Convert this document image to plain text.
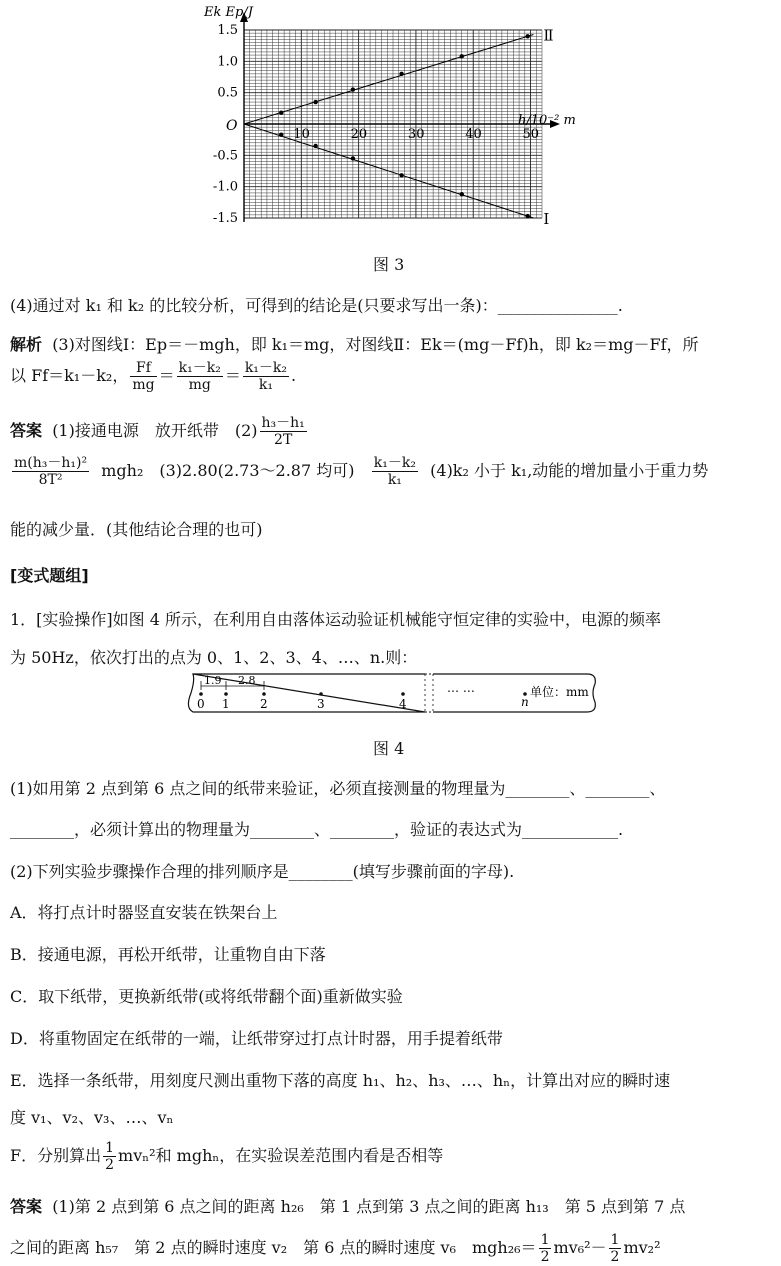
10	20	30	40	50
1.5
1.0
0.5
-0.5
-1.0
-1.5
Ⅱ
Ⅰ
Ek Ep/J
h/10⁻² m
O
图 3
(4)通过对 k₁ 和 k₂ 的比较分析，可得到的结论是(只要求写出一条)：_______________.
解析 (3)对图线Ⅰ：Ep＝－mgh，即 k₁＝mg，对图线Ⅱ：Ek＝(mg－Ff)h，即 k₂＝mg－Ff，所
以 Ff＝k₁－k₂， $\frac{Ff}{mg} = \frac{\text{k₁－k₂}}{mg} = \frac{\text{k₁－k₂}}{\text{k₁}}$ .
答案 (1)接通电源　放开纸带　$(2) \frac{\text{h₃－h₁}}{2T}$
$\frac{\text{m(h₃－h₁)²}}{\text{8T²}} mgh_2$　(3)2.80(2.73～2.87 均可) $\frac{\text{k₁－k₂}}{\text{k₁}} (4)k_2$ 小于 k₁,动能的增加量小于重力势
能的减少量．(其他结论合理的也可)
[变式题组]
1．[实验操作]如图 4 所示，在利用自由落体运动验证机械能守恒定律的实验中，电源的频率
为 50Hz，依次打出的点为 0、1、2、3、4、…、n.则：
1.9 2.8
0 1	2	3	4
… …
n
单位：mm
图 4
(1)如用第 2 点到第 6 点之间的纸带来验证，必须直接测量的物理量为________、________、
________，必须计算出的物理量为________、________，验证的表达式为____________.
(2)下列实验步骤操作合理的排列顺序是________(填写步骤前面的字母).
A．将打点计时器竖直安装在铁架台上
B．接通电源，再松开纸带，让重物自由下落
C．取下纸带，更换新纸带(或将纸带翻个面)重新做实验
D．将重物固定在纸带的一端，让纸带穿过打点计时器，用手提着纸带
E．选择一条纸带，用刻度尺测出重物下落的高度 h₁、h₂、h₃、…、hₙ，计算出对应的瞬时速
度 v₁、v₂、v₃、…、vₙ
F．分别算出 $\frac{1}{2} mv_n^2$和 mghₙ，在实验误差范围内看是否相等
答案 (1)第 2 点到第 6 点之间的距离 h₂₆　第 1 点到第 3 点之间的距离 h₁₃　第 5 点到第 7 点
之间的距离 h₅₇　第 2 点的瞬时速度 v₂　第 6 点的瞬时速度 v₆　$mgh_{26}= \frac{1}{2} mv_6^2- \frac{1}{2} mv_2^2$
